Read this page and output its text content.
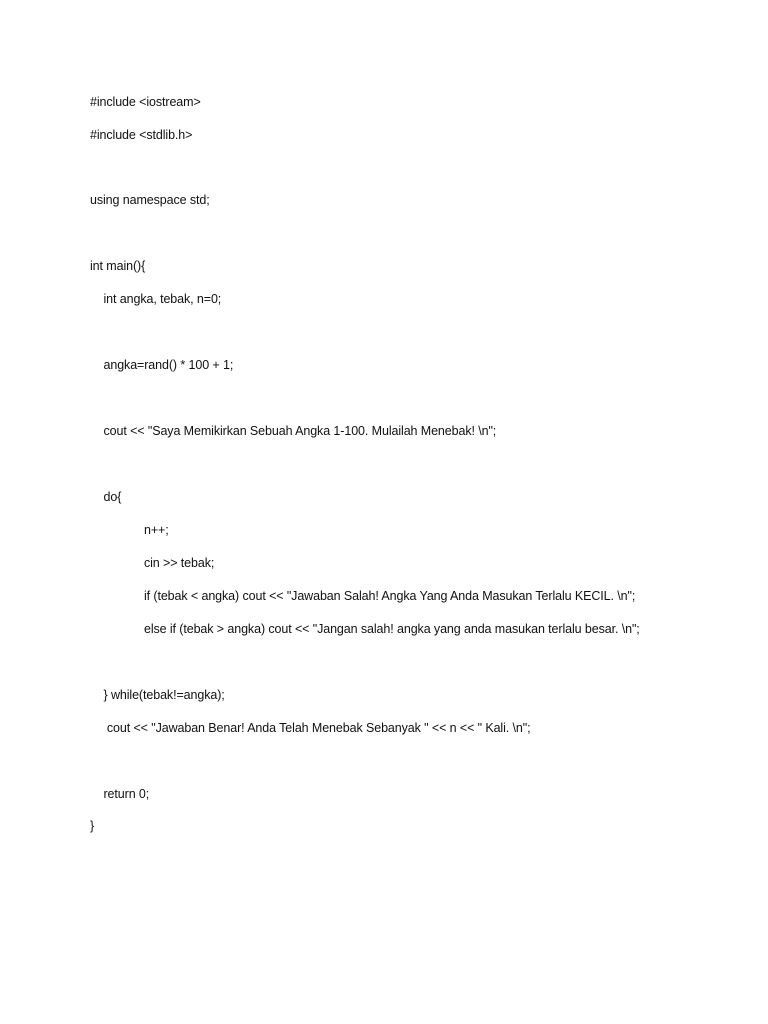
#include <iostream>
#include <stdlib.h>
using namespace std;
int main(){
int angka, tebak, n=0;
angka=rand() * 100 + 1;
cout << "Saya Memikirkan Sebuah Angka 1-100. Mulailah Menebak! \n";
do{
n++;
cin >> tebak;
if (tebak < angka) cout << "Jawaban Salah! Angka Yang Anda Masukan Terlalu KECIL. \n";
else if (tebak > angka) cout << "Jangan salah! angka yang anda masukan terlalu besar. \n";
} while(tebak!=angka);
cout << "Jawaban Benar! Anda Telah Menebak Sebanyak " << n << " Kali. \n";
return 0;
}
